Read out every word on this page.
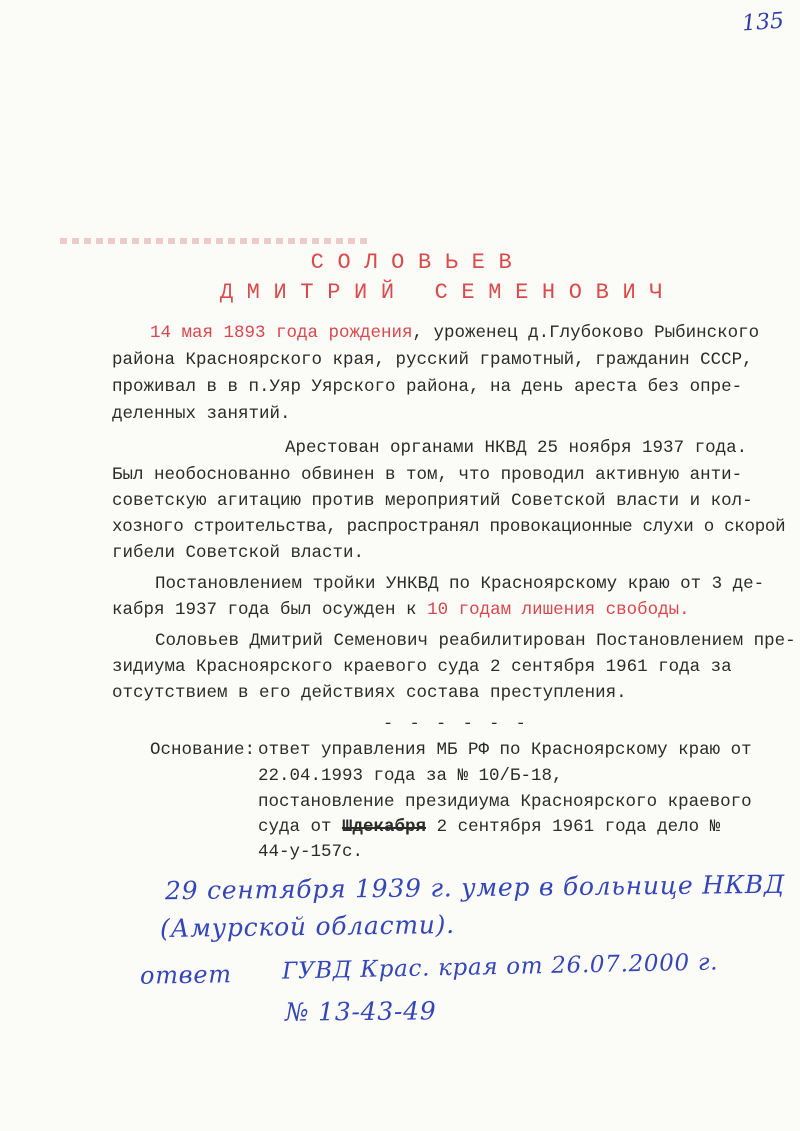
135
СОЛОВЬЕВ
ДМИТРИЙ СЕМЕНОВИЧ
14 мая 1893 года рождения, уроженец д.Глубоково Рыбинского
района Красноярского края, русский грамотный, гражданин СССР,
проживал в в п.Уяр Уярского района, на день ареста без опре-
деленных занятий.
Арестован органами НКВД 25 ноября 1937 года.
Был необоснованно обвинен в том, что проводил активную анти-
советскую агитацию против мероприятий Советской власти и кол-
хозного строительства, распространял провокационные слухи о скорой
гибели Советской власти.
Постановлением тройки УНКВД по Красноярскому краю от 3 де-
кабря 1937 года был осужден к 10 годам лишения свободы.
Соловьев Дмитрий Семенович реабилитирован Постановлением пре-
зидиума Красноярского краевого суда 2 сентября 1961 года за
отсутствием в его действиях состава преступления.
- - - - - -
Основание: ответ управления МБ РФ по Красноярскому краю от
22.04.1993 года за № 10/Б-18,
постановление президиума Красноярского краевого
суда от Шдекабря 2 сентября 1961 года дело №
44-у-157с.
29 сентября 1939 г. умер в больнице НКВД
(Амурской области).
ответ ГУВД Крас. края от 26.07.2000 г.
№ 13-43-49
